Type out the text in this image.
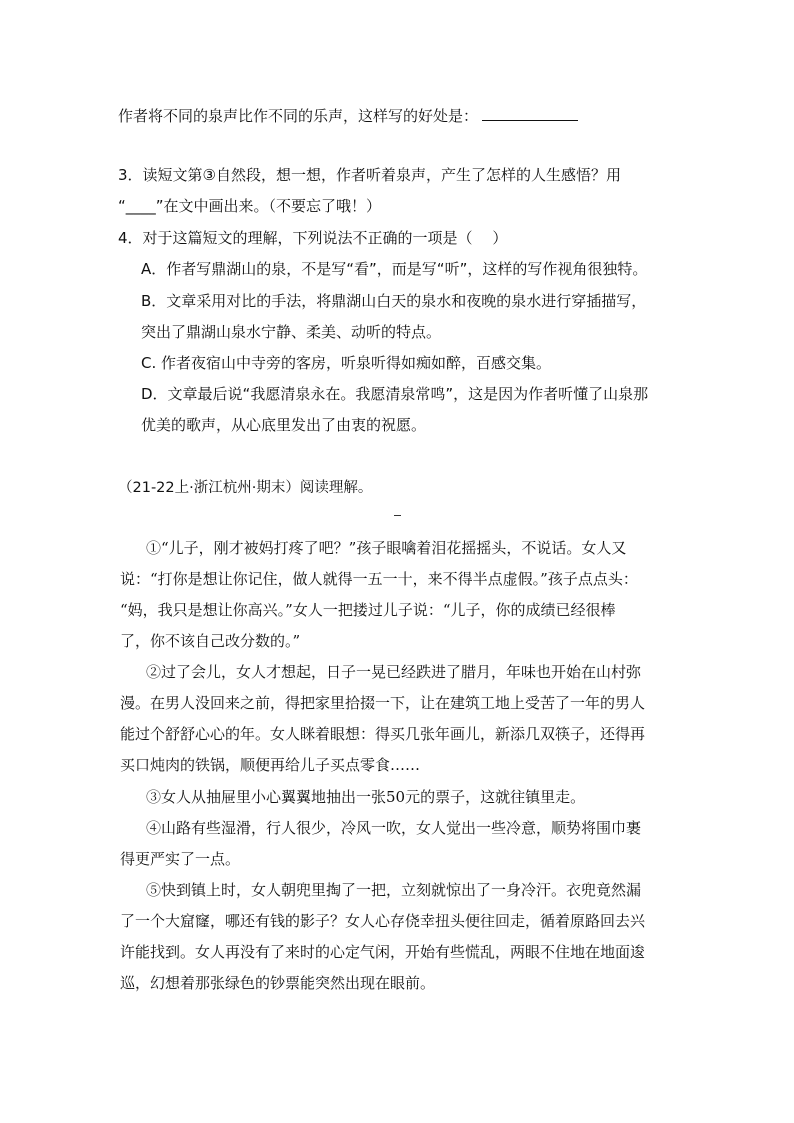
作者将不同的泉声比作不同的乐声，这样写的好处是：
3．读短文第③自然段，想一想，作者听着泉声，产生了怎样的人生感悟？用
“____”在文中画出来。（不要忘了哦！）
4．对于这篇短文的理解，下列说法不正确的一项是（　 ）
A．作者写鼎湖山的泉，不是写“看”，而是写“听”，这样的写作视角很独特。
B．文章采用对比的手法，将鼎湖山白天的泉水和夜晚的泉水进行穿插描写，
突出了鼎湖山泉水宁静、柔美、动听的特点。
C. 作者夜宿山中寺旁的客房，听泉听得如痴如醉，百感交集。
D．文章最后说“我愿清泉永在。我愿清泉常鸣”，这是因为作者听懂了山泉那
优美的歌声，从心底里发出了由衷的祝愿。
（21-22上·浙江杭州·期末）阅读理解。
①“儿子，刚才被妈打疼了吧？”孩子眼噙着泪花摇摇头，不说话。女人又
说：“打你是想让你记住，做人就得一五一十，来不得半点虚假。”孩子点点头：
“妈，我只是想让你高兴。”女人一把搂过儿子说：“儿子，你的成绩已经很棒
了，你不该自己改分数的。”
②过了会儿，女人才想起，日子一晃已经跌进了腊月，年味也开始在山村弥
漫。在男人没回来之前，得把家里拾掇一下，让在建筑工地上受苦了一年的男人
能过个舒舒心心的年。女人眯着眼想：得买几张年画儿，新添几双筷子，还得再
买口炖肉的铁锅，顺便再给儿子买点零食……
③女人从抽屉里小心翼翼地抽出一张50元的票子，这就往镇里走。
④山路有些湿滑，行人很少，冷风一吹，女人觉出一些冷意，顺势将围巾裹
得更严实了一点。
⑤快到镇上时，女人朝兜里掏了一把，立刻就惊出了一身冷汗。衣兜竟然漏
了一个大窟窿，哪还有钱的影子？女人心存侥幸扭头便往回走，循着原路回去兴
许能找到。女人再没有了来时的心定气闲，开始有些慌乱，两眼不住地在地面逡
巡，幻想着那张绿色的钞票能突然出现在眼前。
